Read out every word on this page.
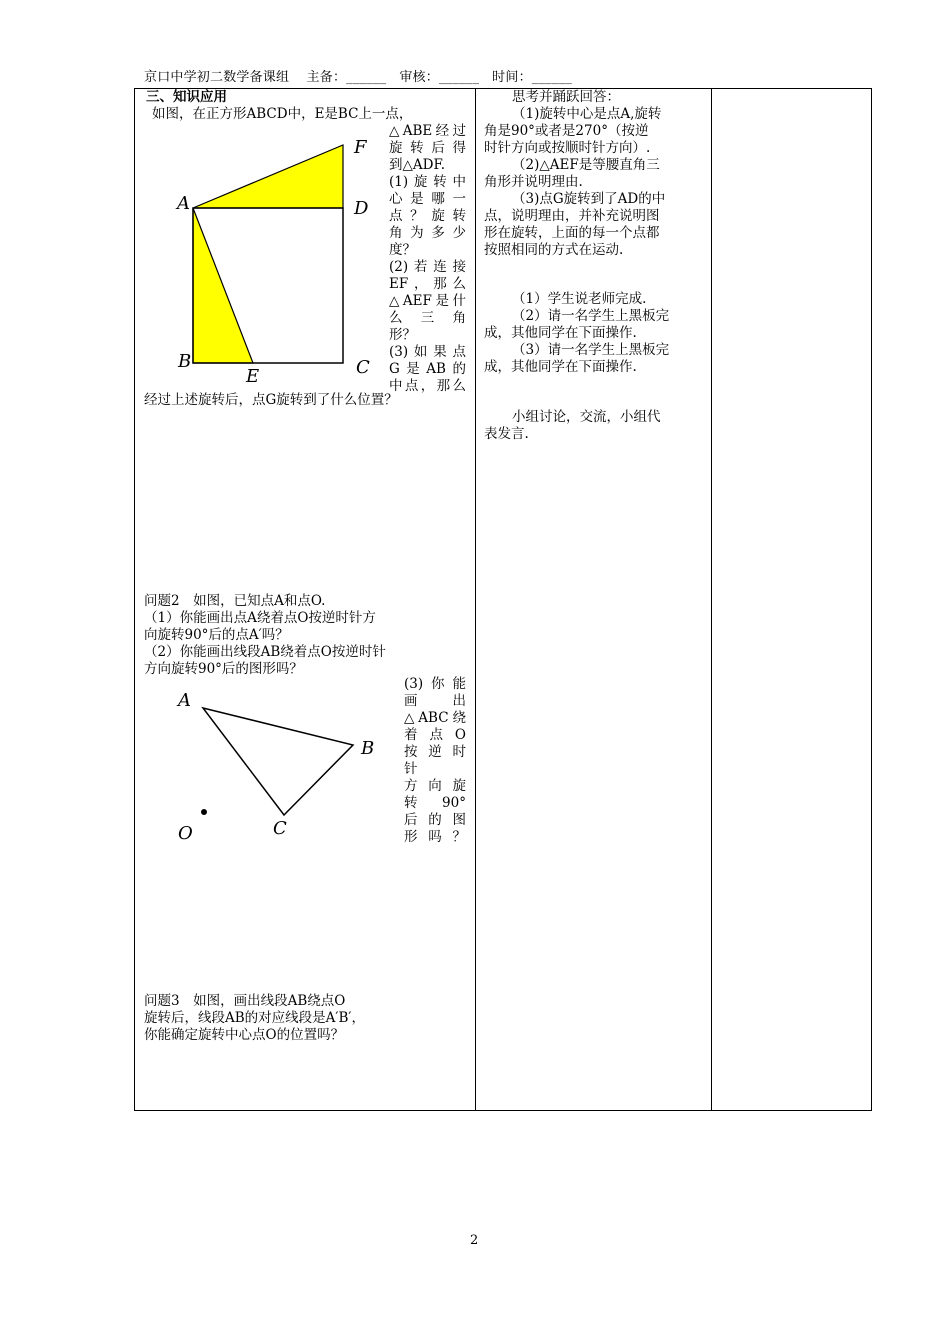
京口中学初二数学备课组 主备：______ 审核：______ 时间：______
三、知识应用
如图，在正方形ABCD中，E是BC上一点，
△ABE经过
旋转后得
到△ADF.
(1)旋转中
心是哪一
点？旋转
角为多少
度？
(2)若连接
EF，那么
△AEF是什
么三角
形？
(3)如果点
G是AB的
中点，那么
经过上述旋转后，点G旋转到了什么位置？
A
F
D
B	C
E
问题2　如图，已知点A和点O.
（1）你能画出点A绕着点O按逆时针方
向旋转90°后的点A′吗？
（2）你能画出线段AB绕着点O按逆时针
方向旋转90°后的图形吗？
(3)你能
画　　出
△ABC绕
着点O
按逆时
针
方向旋
转90°
后的图
形吗？
A
B
C
O
问题3　如图，画出线段AB绕点O
旋转后，线段AB的对应线段是A′B′，
你能确定旋转中心点O的位置吗？
思考并踊跃回答：
（1)旋转中心是点A,旋转
角是90°或者是270°（按逆
时针方向或按顺时针方向）.
（2)△AEF是等腰直角三
角形并说明理由.
（3)点G旋转到了AD的中
点，说明理由，并补充说明图
形在旋转，上面的每一个点都
按照相同的方式在运动.
（1）学生说老师完成.
（2）请一名学生上黑板完
成，其他同学在下面操作.
（3）请一名学生上黑板完
成，其他同学在下面操作.
小组讨论，交流，小组代
表发言.
2
